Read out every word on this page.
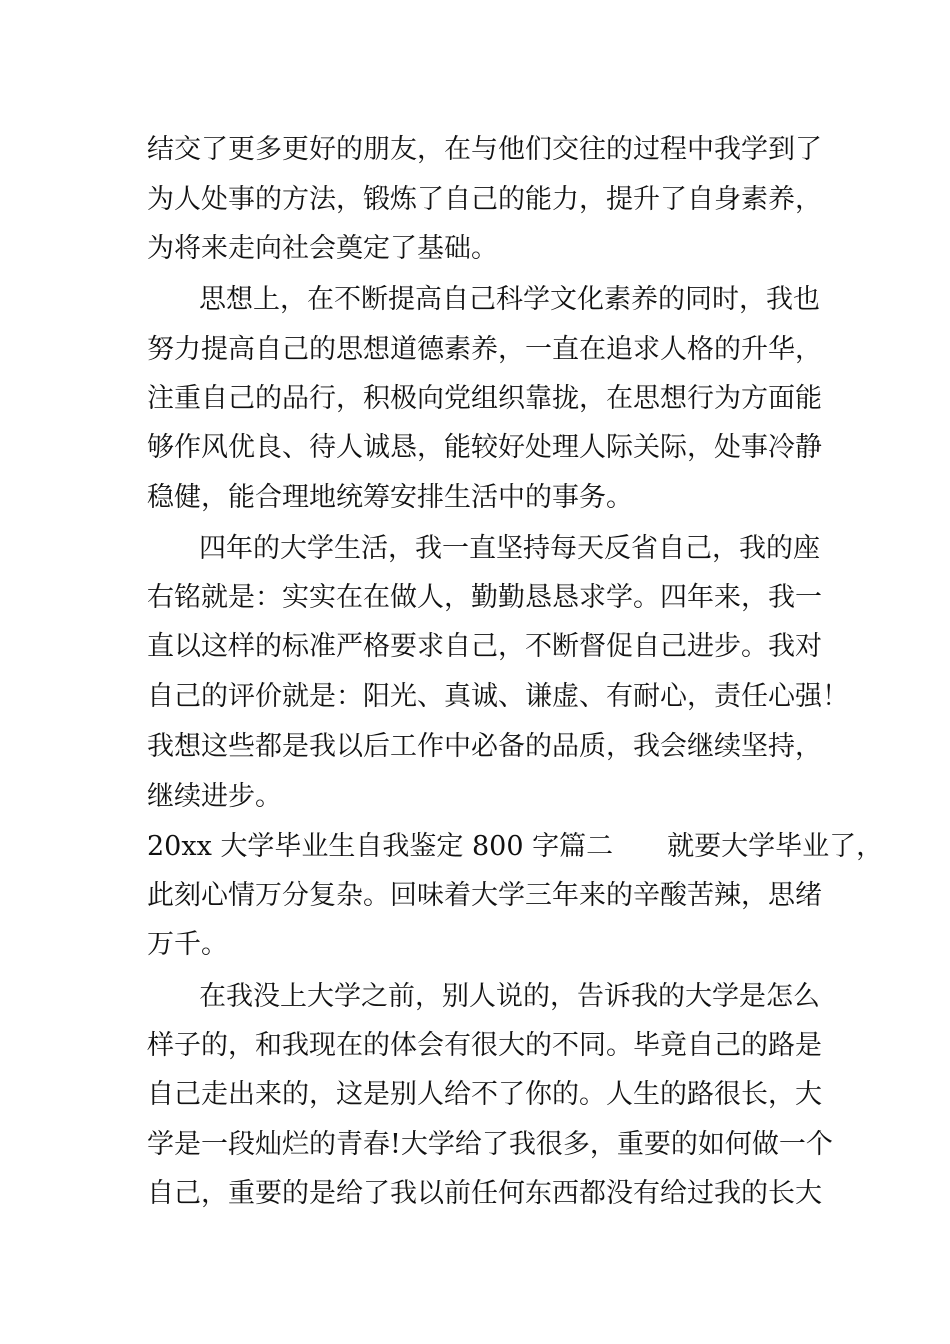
结交了更多更好的朋友，在与他们交往的过程中我学到了
为人处事的方法，锻炼了自己的能力，提升了自身素养，
为将来走向社会奠定了基础。
思想上，在不断提高自己科学文化素养的同时，我也
努力提高自己的思想道德素养，一直在追求人格的升华，
注重自己的品行，积极向党组织靠拢，在思想行为方面能
够作风优良、待人诚恳，能较好处理人际关际，处事冷静
稳健，能合理地统筹安排生活中的事务。
四年的大学生活，我一直坚持每天反省自己，我的座
右铭就是：实实在在做人，勤勤恳恳求学。四年来，我一
直以这样的标准严格要求自己，不断督促自己进步。我对
自己的评价就是：阳光、真诚、谦虚、有耐心，责任心强！
我想这些都是我以后工作中必备的品质，我会继续坚持，
继续进步。
20xx 大学毕业生自我鉴定 800 字篇二　　就要大学毕业了，
此刻心情万分复杂。回味着大学三年来的辛酸苦辣，思绪
万千。
在我没上大学之前，别人说的，告诉我的大学是怎么
样子的，和我现在的体会有很大的不同。毕竟自己的路是
自己走出来的，这是别人给不了你的。人生的路很长，大
学是一段灿烂的青春!大学给了我很多，重要的如何做一个
自己，重要的是给了我以前任何东西都没有给过我的长大
